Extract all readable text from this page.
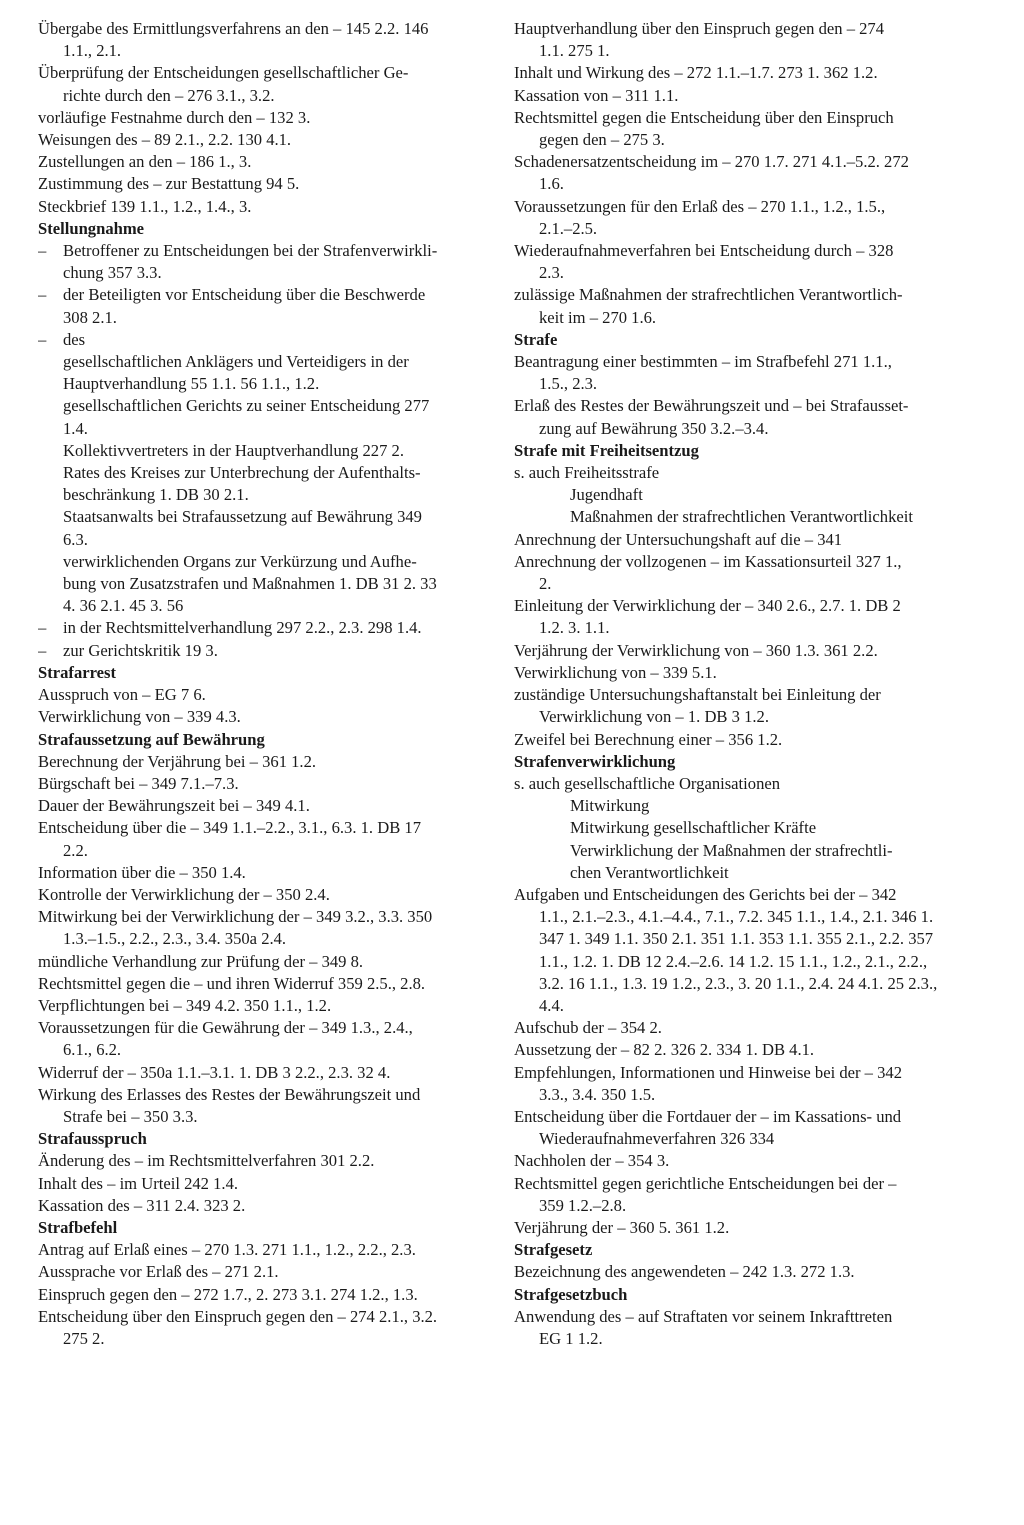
Übergabe des Ermittlungsverfahrens an den – 145 2.2. 146
1.1., 2.1.
Überprüfung der Entscheidungen gesellschaftlicher Ge-
richte durch den – 276 3.1., 3.2.
vorläufige Festnahme durch den – 132 3.
Weisungen des – 89 2.1., 2.2. 130 4.1.
Zustellungen an den – 186 1., 3.
Zustimmung des – zur Bestattung 94 5.
Steckbrief 139 1.1., 1.2., 1.4., 3.
Stellungnahme
– Betroffener zu Entscheidungen bei der Strafenverwirkli-
chung 357 3.3.
– der Beteiligten vor Entscheidung über die Beschwerde
308 2.1.
– des
gesellschaftlichen Anklägers und Verteidigers in der
Hauptverhandlung 55 1.1. 56 1.1., 1.2.
gesellschaftlichen Gerichts zu seiner Entscheidung 277
1.4.
Kollektivvertreters in der Hauptverhandlung 227 2.
Rates des Kreises zur Unterbrechung der Aufenthalts-
beschränkung 1. DB 30 2.1.
Staatsanwalts bei Strafaussetzung auf Bewährung 349
6.3.
verwirklichenden Organs zur Verkürzung und Aufhe-
bung von Zusatzstrafen und Maßnahmen 1. DB 31 2. 33
4. 36 2.1. 45 3. 56
– in der Rechtsmittelverhandlung 297 2.2., 2.3. 298 1.4.
– zur Gerichtskritik 19 3.
Strafarrest
Ausspruch von – EG 7 6.
Verwirklichung von – 339 4.3.
Strafaussetzung auf Bewährung
Berechnung der Verjährung bei – 361 1.2.
Bürgschaft bei – 349 7.1.–7.3.
Dauer der Bewährungszeit bei – 349 4.1.
Entscheidung über die – 349 1.1.–2.2., 3.1., 6.3. 1. DB 17
2.2.
Information über die – 350 1.4.
Kontrolle der Verwirklichung der – 350 2.4.
Mitwirkung bei der Verwirklichung der – 349 3.2., 3.3. 350
1.3.–1.5., 2.2., 2.3., 3.4. 350a 2.4.
mündliche Verhandlung zur Prüfung der – 349 8.
Rechtsmittel gegen die – und ihren Widerruf 359 2.5., 2.8.
Verpflichtungen bei – 349 4.2. 350 1.1., 1.2.
Voraussetzungen für die Gewährung der – 349 1.3., 2.4.,
6.1., 6.2.
Widerruf der – 350a 1.1.–3.1. 1. DB 3 2.2., 2.3. 32 4.
Wirkung des Erlasses des Restes der Bewährungszeit und
Strafe bei – 350 3.3.
Strafausspruch
Änderung des – im Rechtsmittelverfahren 301 2.2.
Inhalt des – im Urteil 242 1.4.
Kassation des – 311 2.4. 323 2.
Strafbefehl
Antrag auf Erlaß eines – 270 1.3. 271 1.1., 1.2., 2.2., 2.3.
Aussprache vor Erlaß des – 271 2.1.
Einspruch gegen den – 272 1.7., 2. 273 3.1. 274 1.2., 1.3.
Entscheidung über den Einspruch gegen den – 274 2.1., 3.2.
275 2.
Hauptverhandlung über den Einspruch gegen den – 274
1.1. 275 1.
Inhalt und Wirkung des – 272 1.1.–1.7. 273 1. 362 1.2.
Kassation von – 311 1.1.
Rechtsmittel gegen die Entscheidung über den Einspruch
gegen den – 275 3.
Schadenersatzentscheidung im – 270 1.7. 271 4.1.–5.2. 272
1.6.
Voraussetzungen für den Erlaß des – 270 1.1., 1.2., 1.5.,
2.1.–2.5.
Wiederaufnahmeverfahren bei Entscheidung durch – 328
2.3.
zulässige Maßnahmen der strafrechtlichen Verantwortlich-
keit im – 270 1.6.
Strafe
Beantragung einer bestimmten – im Strafbefehl 271 1.1.,
1.5., 2.3.
Erlaß des Restes der Bewährungszeit und – bei Strafausset-
zung auf Bewährung 350 3.2.–3.4.
Strafe mit Freiheitsentzug
s. auch Freiheitsstrafe
Jugendhaft
Maßnahmen der strafrechtlichen Verantwortlichkeit
Anrechnung der Untersuchungshaft auf die – 341
Anrechnung der vollzogenen – im Kassationsurteil 327 1.,
2.
Einleitung der Verwirklichung der – 340 2.6., 2.7. 1. DB 2
1.2. 3. 1.1.
Verjährung der Verwirklichung von – 360 1.3. 361 2.2.
Verwirklichung von – 339 5.1.
zuständige Untersuchungshaftanstalt bei Einleitung der
Verwirklichung von – 1. DB 3 1.2.
Zweifel bei Berechnung einer – 356 1.2.
Strafenverwirklichung
s. auch gesellschaftliche Organisationen
Mitwirkung
Mitwirkung gesellschaftlicher Kräfte
Verwirklichung der Maßnahmen der strafrechtli-
chen Verantwortlichkeit
Aufgaben und Entscheidungen des Gerichts bei der – 342
1.1., 2.1.–2.3., 4.1.–4.4., 7.1., 7.2. 345 1.1., 1.4., 2.1. 346 1.
347 1. 349 1.1. 350 2.1. 351 1.1. 353 1.1. 355 2.1., 2.2. 357
1.1., 1.2. 1. DB 12 2.4.–2.6. 14 1.2. 15 1.1., 1.2., 2.1., 2.2.,
3.2. 16 1.1., 1.3. 19 1.2., 2.3., 3. 20 1.1., 2.4. 24 4.1. 25 2.3.,
4.4.
Aufschub der – 354 2.
Aussetzung der – 82 2. 326 2. 334 1. DB 4.1.
Empfehlungen, Informationen und Hinweise bei der – 342
3.3., 3.4. 350 1.5.
Entscheidung über die Fortdauer der – im Kassations- und
Wiederaufnahmeverfahren 326 334
Nachholen der – 354 3.
Rechtsmittel gegen gerichtliche Entscheidungen bei der –
359 1.2.–2.8.
Verjährung der – 360 5. 361 1.2.
Strafgesetz
Bezeichnung des angewendeten – 242 1.3. 272 1.3.
Strafgesetzbuch
Anwendung des – auf Straftaten vor seinem Inkrafttreten
EG 1 1.2.
